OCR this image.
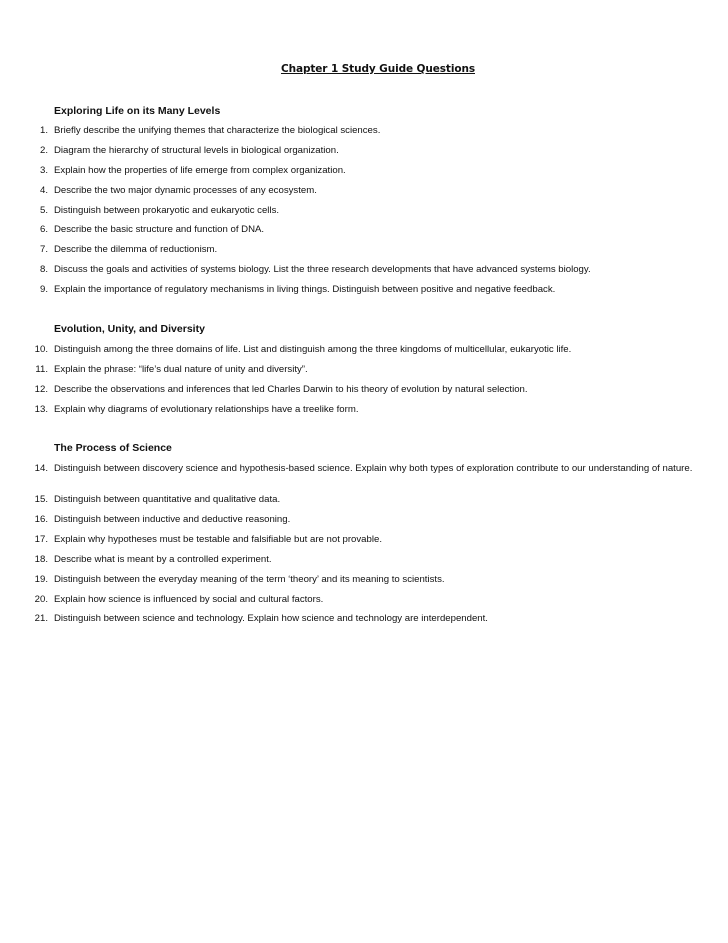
Chapter 1 Study Guide Questions
Exploring Life on its Many Levels
1. Briefly describe the unifying themes that characterize the biological sciences.
2. Diagram the hierarchy of structural levels in biological organization.
3. Explain how the properties of life emerge from complex organization.
4. Describe the two major dynamic processes of any ecosystem.
5. Distinguish between prokaryotic and eukaryotic cells.
6. Describe the basic structure and function of DNA.
7. Describe the dilemma of reductionism.
8. Discuss the goals and activities of systems biology. List the three research developments that have advanced systems biology.
9. Explain the importance of regulatory mechanisms in living things. Distinguish between positive and negative feedback.
Evolution, Unity, and Diversity
10. Distinguish among the three domains of life. List and distinguish among the three kingdoms of multicellular, eukaryotic life.
11. Explain the phrase: “life’s dual nature of unity and diversity”.
12. Describe the observations and inferences that led Charles Darwin to his theory of evolution by natural selection.
13. Explain why diagrams of evolutionary relationships have a treelike form.
The Process of Science
14. Distinguish between discovery science and hypothesis-based science. Explain why both types of exploration contribute to our understanding of nature.
15. Distinguish between quantitative and qualitative data.
16. Distinguish between inductive and deductive reasoning.
17. Explain why hypotheses must be testable and falsifiable but are not provable.
18. Describe what is meant by a controlled experiment.
19. Distinguish between the everyday meaning of the term ‘theory’ and its meaning to scientists.
20. Explain how science is influenced by social and cultural factors.
21. Distinguish between science and technology. Explain how science and technology are interdependent.
